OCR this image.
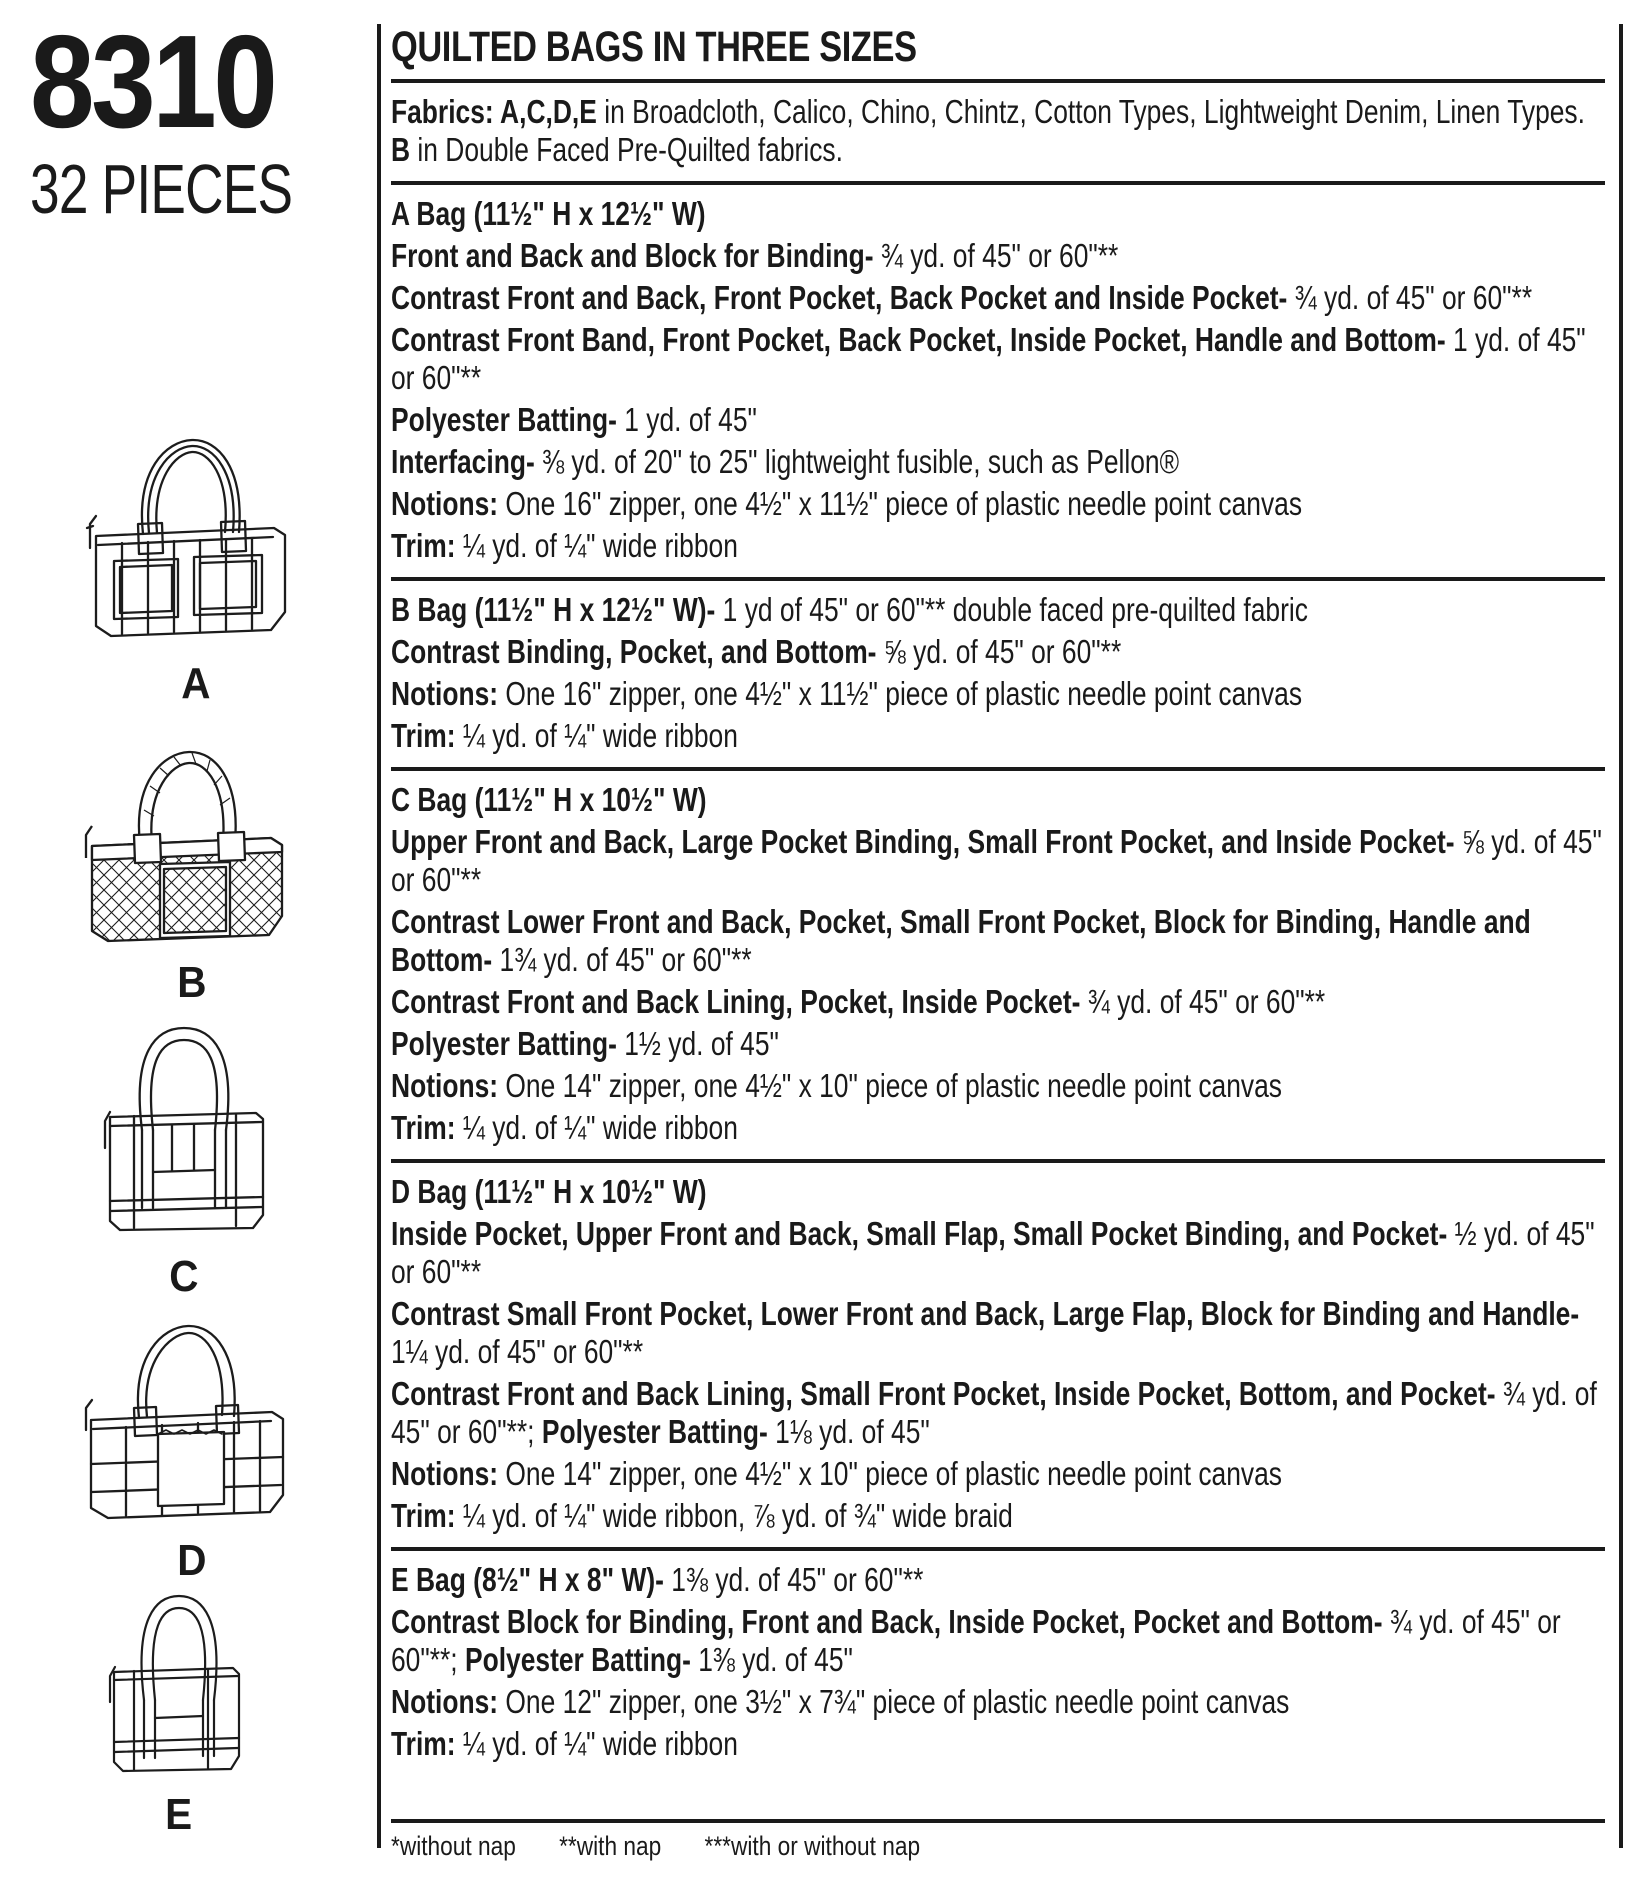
8310
32 PIECES
A
B
C
D
E
QUILTED BAGS IN THREE SIZES

Fabrics: A,C,D,E in Broadcloth, Calico, Chino, Chintz, Cotton Types, Lightweight Denim, Linen Types. B in Double Faced Pre-Quilted fabrics.

A Bag (11½" H x 12½" W)

Front and Back and Block for Binding- ¾ yd. of 45" or 60"**

Contrast Front and Back, Front Pocket, Back Pocket and Inside Pocket- ¾ yd. of 45" or 60"**

Contrast Front Band, Front Pocket, Back Pocket, Inside Pocket, Handle and Bottom- 1 yd. of 45" or 60"**

Polyester Batting- 1 yd. of 45"

Interfacing- ⅜ yd. of 20" to 25" lightweight fusible, such as Pellon®

Notions: One 16" zipper, one 4½" x 11½" piece of plastic needle point canvas

Trim: ¼ yd. of ¼" wide ribbon

B Bag (11½" H x 12½" W)- 1 yd of 45" or 60"** double faced pre-quilted fabric

Contrast Binding, Pocket, and Bottom- ⅝ yd. of 45" or 60"**

Notions: One 16" zipper, one 4½" x 11½" piece of plastic needle point canvas

Trim: ¼ yd. of ¼" wide ribbon

C Bag (11½" H x 10½" W)

Upper Front and Back, Large Pocket Binding, Small Front Pocket, and Inside Pocket- ⅝ yd. of 45" or 60"**

Contrast Lower Front and Back, Pocket, Small Front Pocket, Block for Binding, Handle and Bottom- 1¾ yd. of 45" or 60"**

Contrast Front and Back Lining, Pocket, Inside Pocket- ¾ yd. of 45" or 60"**

Polyester Batting- 1½ yd. of 45"

Notions: One 14" zipper, one 4½" x 10" piece of plastic needle point canvas

Trim: ¼ yd. of ¼" wide ribbon

D Bag (11½" H x 10½" W)

Inside Pocket, Upper Front and Back, Small Flap, Small Pocket Binding, and Pocket- ½ yd. of 45" or 60"**

Contrast Small Front Pocket, Lower Front and Back, Large Flap, Block for Binding and Handle- 1¼ yd. of 45" or 60"**

Contrast Front and Back Lining, Small Front Pocket, Inside Pocket, Bottom, and Pocket- ¾ yd. of 45" or 60"**; Polyester Batting- 1⅛ yd. of 45"

Notions: One 14" zipper, one 4½" x 10" piece of plastic needle point canvas

Trim: ¼ yd. of ¼" wide ribbon, ⅞ yd. of ¾" wide braid

E Bag (8½" H x 8" W)- 1⅜ yd. of 45" or 60"**

Contrast Block for Binding, Front and Back, Inside Pocket, Pocket and Bottom- ¾ yd. of 45" or 60"**; Polyester Batting- 1⅜ yd. of 45"

Notions: One 12" zipper, one 3½" x 7¾" piece of plastic needle point canvas

Trim: ¼ yd. of ¼" wide ribbon

*without nap **with nap ***with or without nap
